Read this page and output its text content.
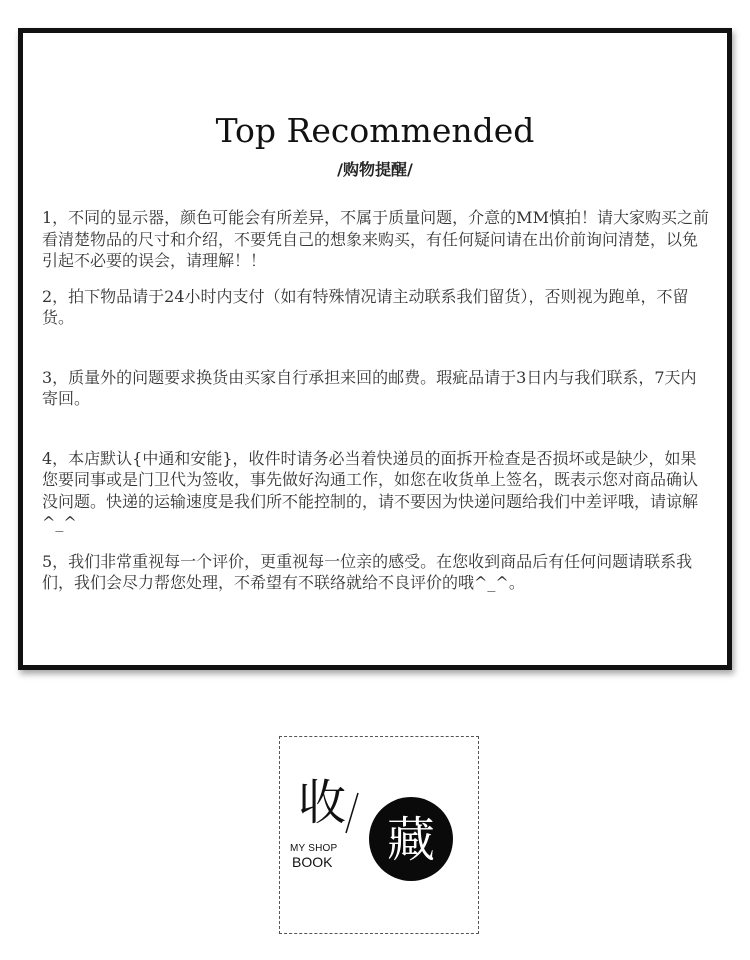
Top Recommended
/购物提醒/

1，不同的显示器，颜色可能会有所差异，不属于质量问题，介意的MM慎拍！请大家购买之前看清楚物品的尺寸和介绍，不要凭自己的想象来购买，有任何疑问请在出价前询问清楚，以免引起不必要的误会，请理解！！

2，拍下物品请于24小时内支付（如有特殊情况请主动联系我们留货），否则视为跑单，不留货。

3，质量外的问题要求换货由买家自行承担来回的邮费。瑕疵品请于3日内与我们联系，7天内寄回。

4，本店默认{中通和安能}，收件时请务必当着快递员的面拆开检查是否损坏或是缺少，如果您要同事或是门卫代为签收，事先做好沟通工作，如您在收货单上签名，既表示您对商品确认没问题。快递的运输速度是我们所不能控制的，请不要因为快递问题给我们中差评哦，请谅解^_^

5，我们非常重视每一个评价，更重视每一位亲的感受。在您收到商品后有任何问题请联系我们，我们会尽力帮您处理，不希望有不联络就给不良评价的哦^_^。

收
MY SHOP
BOOK 藏
